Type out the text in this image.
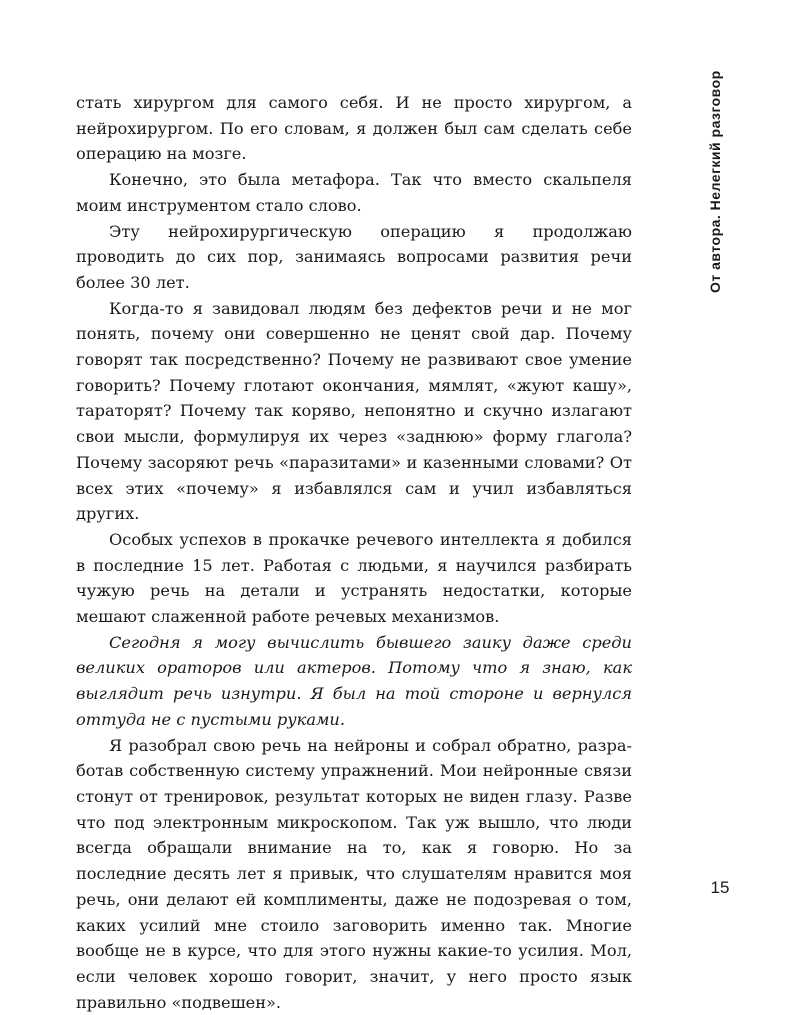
стать хирургом для самого себя. И не просто хирургом, а нейрохирургом. По его словам, я должен был сам сделать себе операцию на мозге.

Конечно, это была метафора. Так что вместо скальпеля моим инструментом стало слово.

Эту нейрохирургическую операцию я продолжаю проводить до сих пор, занимаясь вопросами развития речи более 30 лет.

Когда-то я завидовал людям без дефектов речи и не мог понять, почему они совершенно не ценят свой дар. Почему говорят так посредственно? Почему не развивают свое умение говорить? Почему глотают окончания, мямлят, «жуют кашу», тараторят? Почему так коряво, непонятно и скучно излагают свои мысли, формулируя их через «заднюю» форму глагола? Почему засоряют речь «паразитами» и казенными словами? От всех этих «почему» я избавлялся сам и учил избавляться других.

Особых успехов в прокачке речевого интеллекта я добился в последние 15 лет. Работая с людьми, я научился разбирать чужую речь на детали и устранять недостатки, которые мешают слаженной работе речевых механизмов.

Сегодня я могу вычислить бывшего заику даже среди великих ораторов или актеров. Потому что я знаю, как выглядит речь изнутри. Я был на той стороне и вернулся оттуда не с пустыми руками.

Я разобрал свою речь на нейроны и собрал обратно, разработав собственную систему упражнений. Мои нейронные связи стонут от тренировок, результат которых не виден глазу. Разве что под электронным микроскопом. Так уж вышло, что люди всегда обращали внимание на то, как я говорю. Но за последние десять лет я привык, что слушателям нравится моя речь, они делают ей комплименты, даже не подозревая о том, каких усилий мне стоило заговорить именно так. Многие вообще не в курсе, что для этого нужны какие-то усилия. Мол, если человек хорошо говорит, значит, у него просто язык правильно «подвешен».

От автора. Нелегкий разговор
15
